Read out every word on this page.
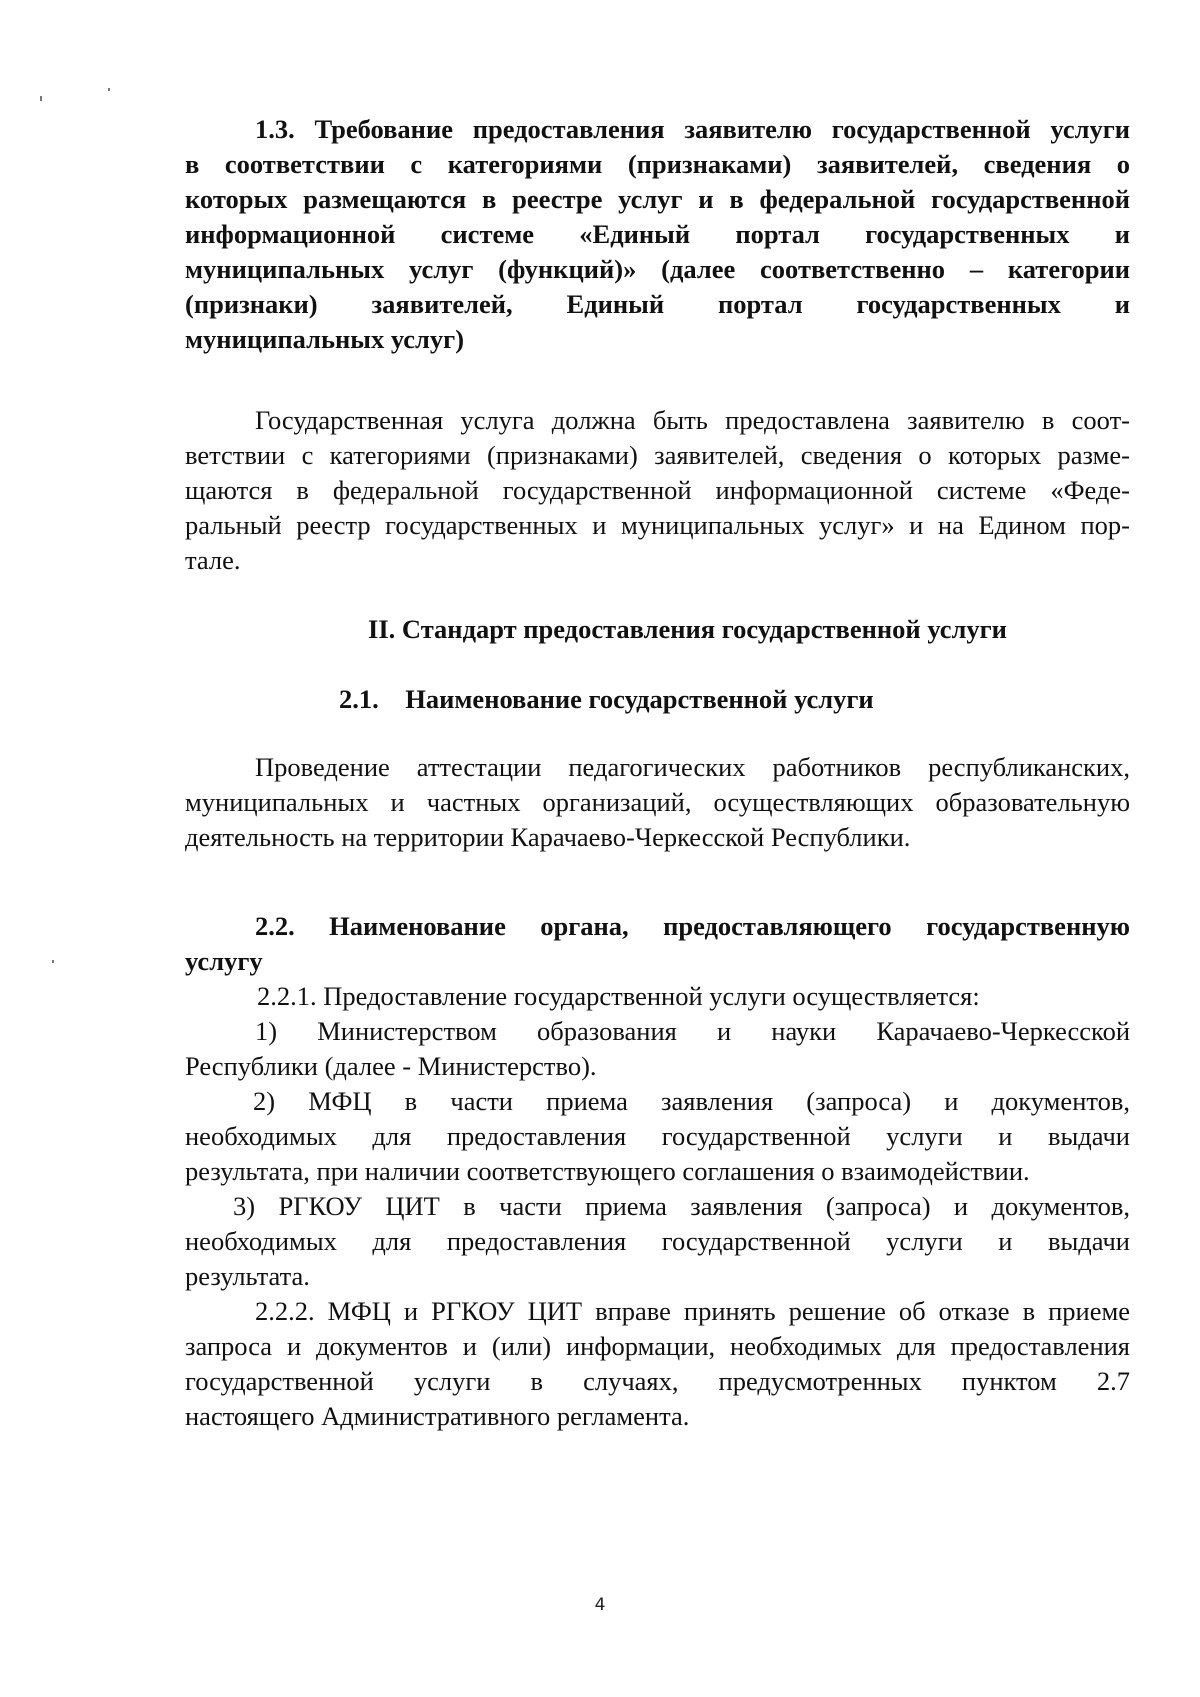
1.3. Требование предоставления заявителю государственной услуги
в соответствии с категориями (признаками) заявителей, сведения о
которых размещаются в реестре услуг и в федеральной государственной
информационной системе «Единый портал государственных и
муниципальных услуг (функций)» (далее соответственно – категории
(признаки) заявителей, Единый портал государственных и
муниципальных услуг)
Государственная услуга должна быть предоставлена заявителю в соот-
ветствии с категориями (признаками) заявителей, сведения о которых разме-
щаются в федеральной государственной информационной системе «Феде-
ральный реестр государственных и муниципальных услуг» и на Едином пор-
тале.

II. Стандарт предоставления государственной услуги

2.1.    Наименование государственной услуги

Проведение аттестации педагогических работников республиканских,
муниципальных и частных организаций, осуществляющих образовательную
деятельность на территории Карачаево-Черкесской Республики.
2.2. Наименование органа, предоставляющего государственную
услугу

2.2.1. Предоставление государственной услуги осуществляется:

1) Министерством образования и науки Карачаево-Черкесской
Республики (далее - Министерство).
2) МФЦ в части приема заявления (запроса) и документов,
необходимых для предоставления государственной услуги и выдачи
результата, при наличии соответствующего соглашения о взаимодействии.
3) РГКОУ ЦИТ в части приема заявления (запроса) и документов,
необходимых для предоставления государственной услуги и выдачи
результата.
2.2.2. МФЦ и РГКОУ ЦИТ вправе принять решение об отказе в приеме
запроса и документов и (или) информации, необходимых для предоставления
государственной услуги в случаях, предусмотренных пунктом 2.7
настоящего Административного регламента.
4
